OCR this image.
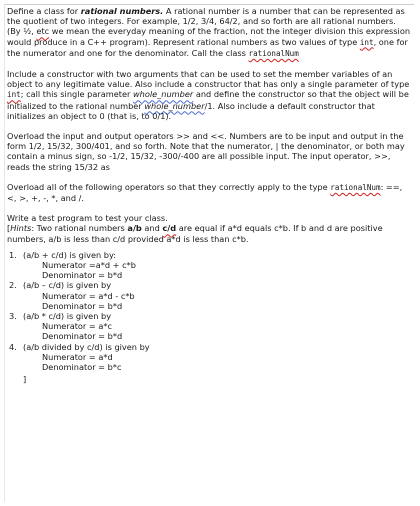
Define a class for rational numbers. A rational number is a number that can be represented as the quotient of two integers. For example, 1/2, 3/4, 64/2, and so forth are all rational numbers. (By ½, etc we mean the everyday meaning of the fraction, not the integer division this expression would produce in a C++ program). Represent rational numbers as two values of type int, one for the numerator and one for the denominator. Call the class rationalNum

Include a constructor with two arguments that can be used to set the member variables of an object to any legitimate value. Also include a constructor that has only a single parameter of type int; call this single parameter whole_number and define the constructor so that the object will be initialized to the rational number whole_number/1. Also include a default constructor that initializes an object to 0 (that is, to 0/1).

Overload the input and output operators >> and <<. Numbers are to be input and output in the form 1/2, 15/32, 300/401, and so forth. Note that the numerator, | the denominator, or both may contain a minus sign, so -1/2, 15/32, -300/-400 are all possible input. The input operator, >>, reads the string 15/32 as

Overload all of the following operators so that they correctly apply to the type rationalNum: ==, <, >, +, -, *, and /.

Write a test program to test your class.
[Hints: Two rational numbers a/b and c/d are equal if a*d equals c*b. If b and d are positive numbers, a/b is less than c/d provided a*d is less than c*b.

1. (a/b + c/d) is given by:
Numerator =a*d + c*b
Denominator = b*d
2. (a/b – c/d) is given by
Numerator = a*d - c*b
Denominator = b*d
3. (a/b * c/d) is given by
Numerator = a*c
Denominator = b*d
4. (a/b divided by c/d) is given by
Numerator = a*d
Denominator = b*c
]
